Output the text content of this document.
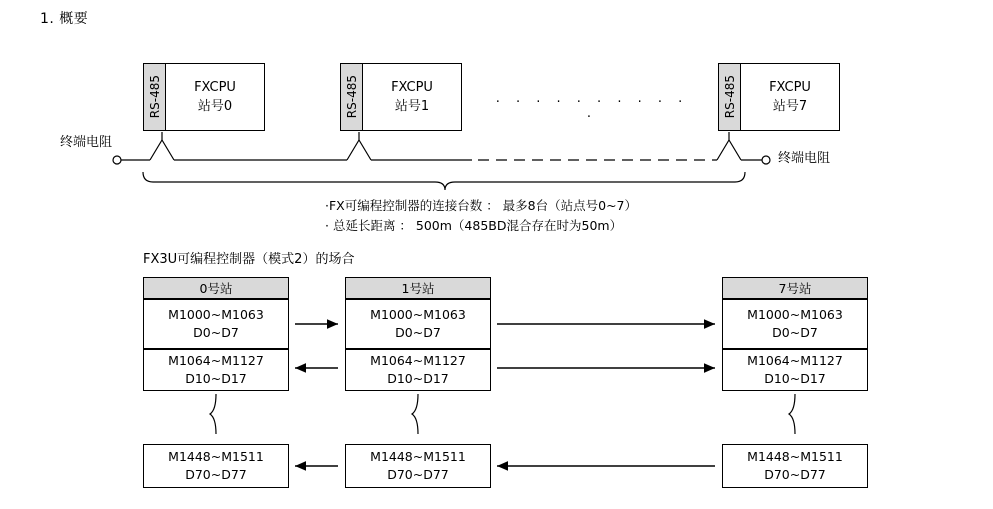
1. 概要
RS-485	FXCPU
站号0	RS-485	FXCPU
站号1	RS-485	FXCPU
站号7
· · · · · · · · · · ·
终端电阻
终端电阻
·FX可编程控制器的连接台数 ： 最多8台（站点号0~7）
· 总延长距离 ： 500m（485BD混合存在时为50m）
FX3U可编程控制器（模式2）的场合
0号站	1号站	7号站
M1000~M1063
D0~D7
M1000~M1063
D0~D7
M1000~M1063
D0~D7
M1064~M1127
D10~D17
M1064~M1127
D10~D17
M1064~M1127
D10~D17
M1448~M1511
D70~D77
M1448~M1511
D70~D77
M1448~M1511
D70~D77
